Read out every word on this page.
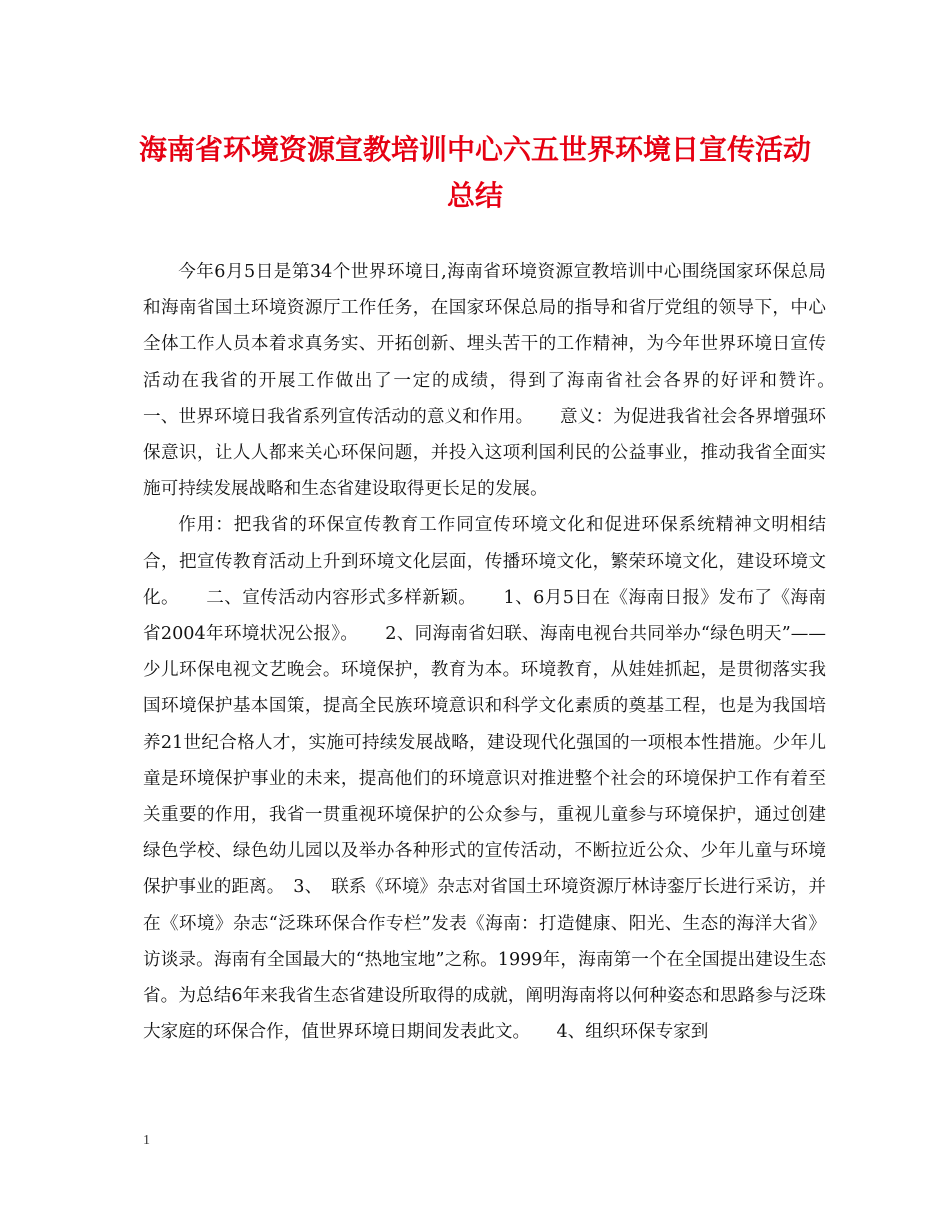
海南省环境资源宣教培训中心六五世界环境日宣传活动
总结

今年6月5日是第34个世界环境日,海南省环境资源宣教培训中心围绕国家环保总局和海南省国土环境资源厅工作任务，在国家环保总局的指导和省厅党组的领导下，中心全体工作人员本着求真务实、开拓创新、埋头苦干的工作精神，为今年世界环境日宣传活动在我省的开展工作做出了一定的成绩，得到了海南省社会各界的好评和赞许。　　一、世界环境日我省系列宣传活动的意义和作用。　　意义：为促进我省社会各界增强环保意识，让人人都来关心环保问题，并投入这项利国利民的公益事业，推动我省全面实施可持续发展战略和生态省建设取得更长足的发展。

作用：把我省的环保宣传教育工作同宣传环境文化和促进环保系统精神文明相结合，把宣传教育活动上升到环境文化层面，传播环境文化，繁荣环境文化，建设环境文化。　　二、宣传活动内容形式多样新颖。　　1、6月5日在《海南日报》发布了《海南省2004年环境状况公报》。　　2、同海南省妇联、海南电视台共同举办“绿色明天”——少儿环保电视文艺晚会。环境保护，教育为本。环境教育，从娃娃抓起，是贯彻落实我国环境保护基本国策，提高全民族环境意识和科学文化素质的奠基工程，也是为我国培养21世纪合格人才，实施可持续发展战略，建设现代化强国的一项根本性措施。少年儿童是环境保护事业的未来，提高他们的环境意识对推进整个社会的环境保护工作有着至关重要的作用，我省一贯重视环境保护的公众参与，重视儿童参与环境保护，通过创建绿色学校、绿色幼儿园以及举办各种形式的宣传活动，不断拉近公众、少年儿童与环境保护事业的距离。　3、　联系《环境》杂志对省国土环境资源厅林诗銮厅长进行采访，并在《环境》杂志“泛珠环保合作专栏”发表《海南：打造健康、阳光、生态的海洋大省》访谈录。海南有全国最大的“热地宝地”之称。1999年，海南第一个在全国提出建设生态省。为总结6年来我省生态省建设所取得的成就，阐明海南将以何种姿态和思路参与泛珠大家庭的环保合作，值世界环境日期间发表此文。　　4、组织环保专家到

1
